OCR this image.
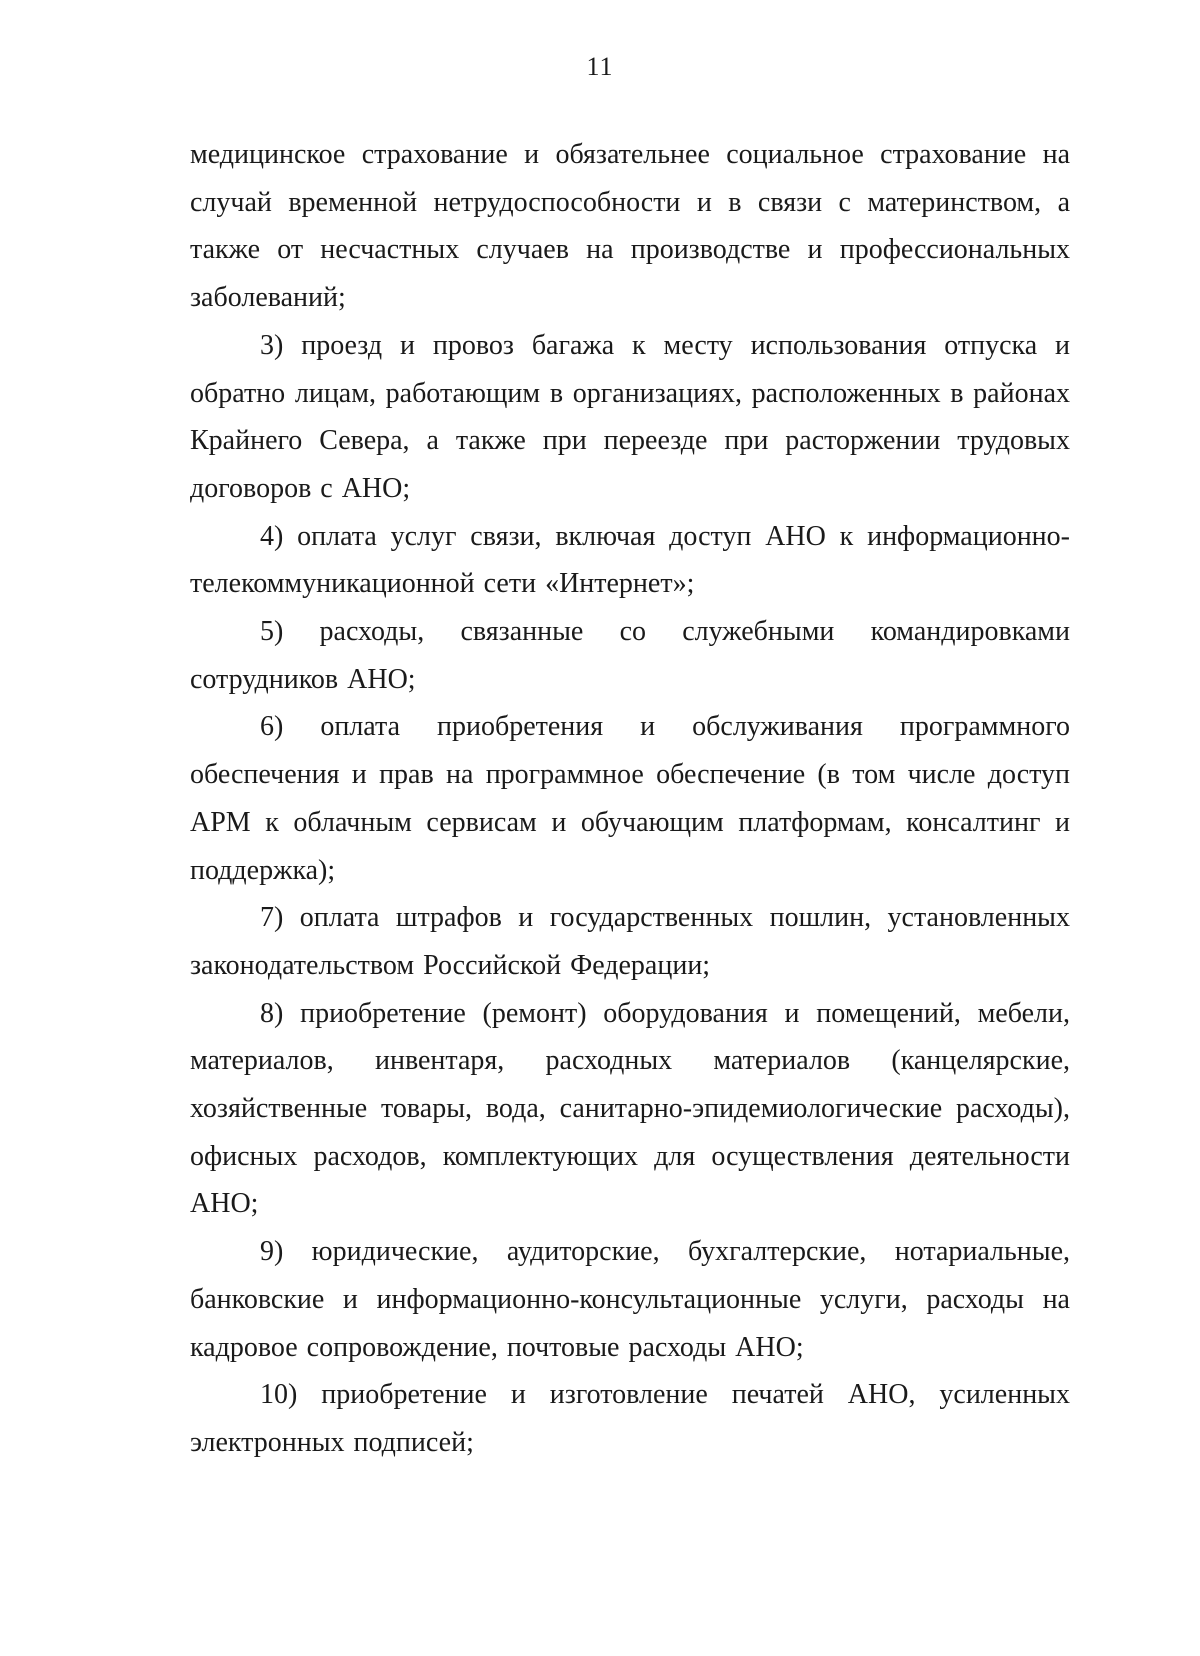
11

медицинское страхование и обязательнее социальное страхование на случай временной нетрудоспособности и в связи с материнством, а также от несчастных случаев на производстве и профессиональных заболеваний;

3) проезд и провоз багажа к месту использования отпуска и обратно лицам, работающим в организациях, расположенных в районах Крайнего Севера, а также при переезде при расторжении трудовых договоров с АНО;

4) оплата услуг связи, включая доступ АНО к информационно-телекоммуникационной сети «Интернет»;

5) расходы, связанные со служебными командировками сотрудников АНО;

6) оплата приобретения и обслуживания программного обеспечения и прав на программное обеспечение (в том числе доступ АРМ к облачным сервисам и обучающим платформам, консалтинг и поддержка);

7) оплата штрафов и государственных пошлин, установленных законодательством Российской Федерации;

8) приобретение (ремонт) оборудования и помещений, мебели, материалов, инвентаря, расходных материалов (канцелярские, хозяйственные товары, вода, санитарно-эпидемиологические расходы), офисных расходов, комплектующих для осуществления деятельности АНО;

9) юридические, аудиторские, бухгалтерские, нотариальные, банковские и информационно-консультационные услуги, расходы на кадровое сопровождение, почтовые расходы АНО;

10) приобретение и изготовление печатей АНО, усиленных электронных подписей;
